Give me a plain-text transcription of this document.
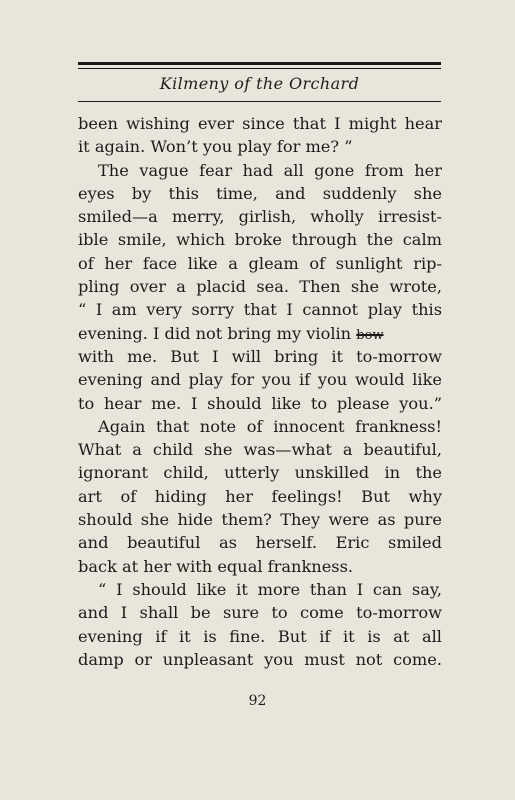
Kilmeny of the Orchard
been wishing ever since that I might hear
it again. Won’t you play for me? ”
The vague fear had all gone from her
eyes by this time, and suddenly she
smiled—a merry, girlish, wholly irresist-
ible smile, which broke through the calm
of her face like a gleam of sunlight rip-
pling over a placid sea. Then she wrote,
“ I am very sorry that I cannot play this
evening. I did not bring my violin bow
with me. But I will bring it to-morrow
evening and play for you if you would like
to hear me. I should like to please you.”
Again that note of innocent frankness!
What a child she was—what a beautiful,
ignorant child, utterly unskilled in the
art of hiding her feelings! But why
should she hide them? They were as pure
and beautiful as herself. Eric smiled
back at her with equal frankness.
“ I should like it more than I can say,
and I shall be sure to come to-morrow
evening if it is fine. But if it is at all
damp or unpleasant you must not come.
92
